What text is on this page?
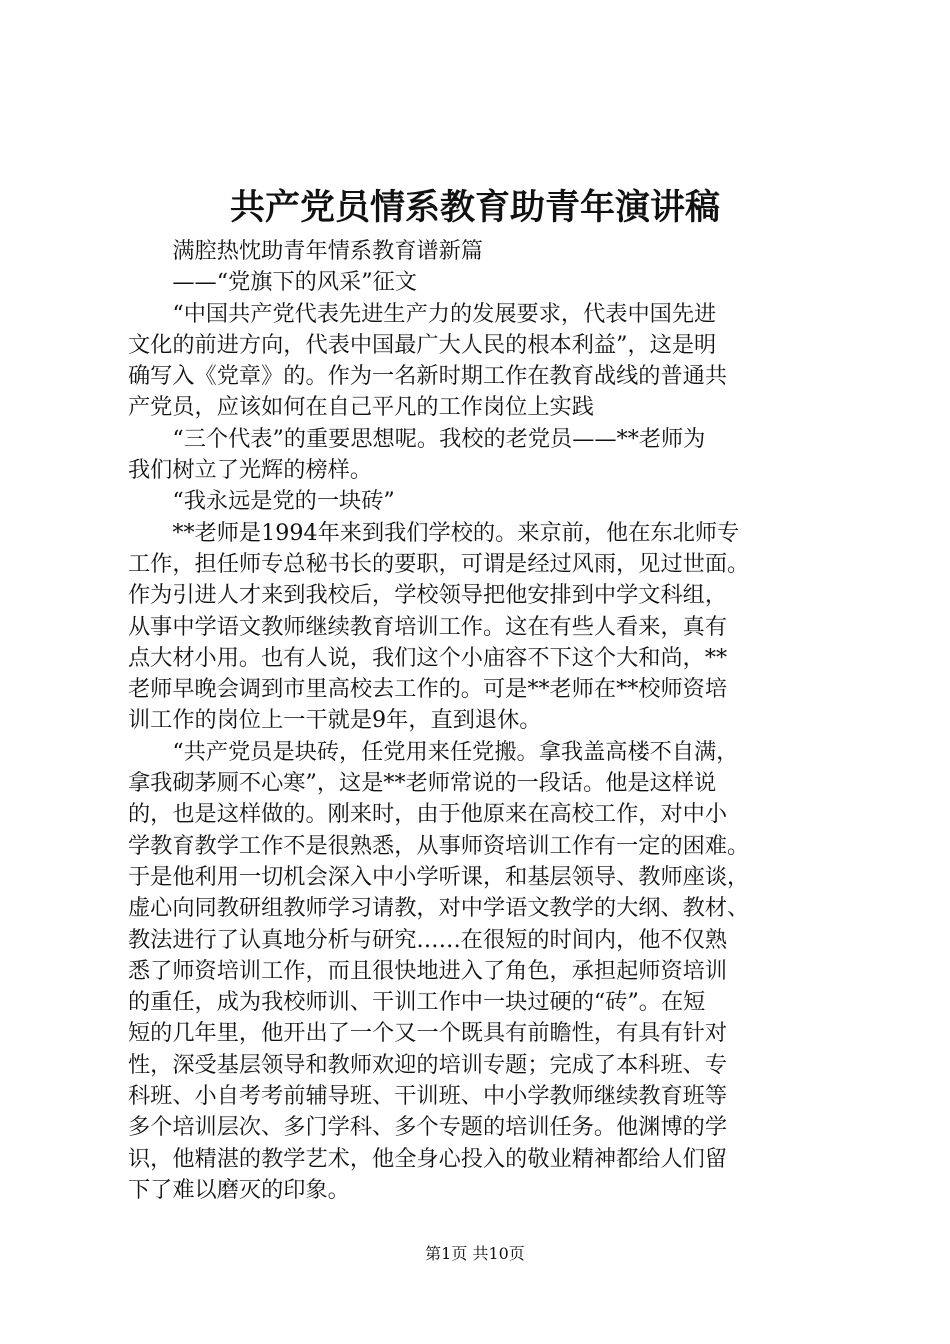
共产党员情系教育助青年演讲稿
　　满腔热忱助青年情系教育谱新篇
　　——“党旗下的风采”征文
　　“中国共产党代表先进生产力的发展要求，代表中国先进
文化的前进方向，代表中国最广大人民的根本利益”，这是明
确写入《党章》的。作为一名新时期工作在教育战线的普通共
产党员，应该如何在自己平凡的工作岗位上实践
　　“三个代表”的重要思想呢。我校的老党员——**老师为
我们树立了光辉的榜样。
　　“我永远是党的一块砖”
　　**老师是1994年来到我们学校的。来京前，他在东北师专
工作，担任师专总秘书长的要职，可谓是经过风雨，见过世面。
作为引进人才来到我校后，学校领导把他安排到中学文科组，
从事中学语文教师继续教育培训工作。这在有些人看来，真有
点大材小用。也有人说，我们这个小庙容不下这个大和尚，**
老师早晚会调到市里高校去工作的。可是**老师在**校师资培
训工作的岗位上一干就是9年，直到退休。
　　“共产党员是块砖，任党用来任党搬。拿我盖高楼不自满，
拿我砌茅厕不心寒”，这是**老师常说的一段话。他是这样说
的，也是这样做的。刚来时，由于他原来在高校工作，对中小
学教育教学工作不是很熟悉，从事师资培训工作有一定的困难。
于是他利用一切机会深入中小学听课，和基层领导、教师座谈，
虚心向同教研组教师学习请教，对中学语文教学的大纲、教材、
教法进行了认真地分析与研究……在很短的时间内，他不仅熟
悉了师资培训工作，而且很快地进入了角色，承担起师资培训
的重任，成为我校师训、干训工作中一块过硬的“砖”。在短
短的几年里，他开出了一个又一个既具有前瞻性，有具有针对
性，深受基层领导和教师欢迎的培训专题；完成了本科班、专
科班、小自考考前辅导班、干训班、中小学教师继续教育班等
多个培训层次、多门学科、多个专题的培训任务。他渊博的学
识，他精湛的教学艺术，他全身心投入的敬业精神都给人们留
下了难以磨灭的印象。
第1页 共10页
